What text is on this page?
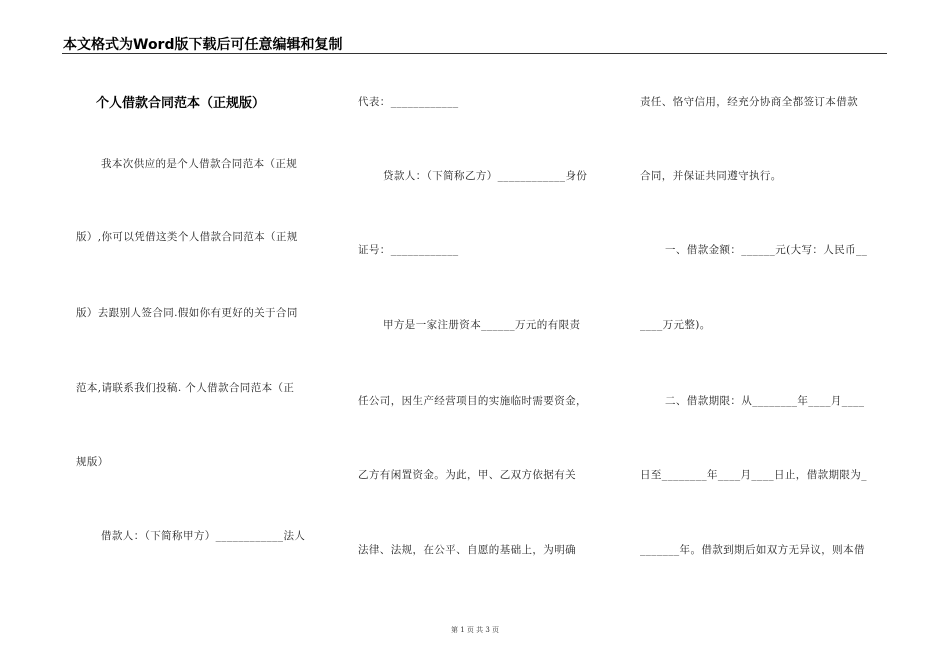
本文格式为Word版下载后可任意编辑和复制
个人借款合同范本（正规版）
我本次供应的是个人借款合同范本（正规
版）,你可以凭借这类个人借款合同范本（正规
版）去跟别人签合同.假如你有更好的关于合同
范本,请联系我们投稿. 个人借款合同范本（正
规版）
借款人：（下简称甲方）____________法人
代表：____________
贷款人：（下简称乙方）____________身份
证号：____________
甲方是一家注册资本______万元的有限责
任公司，因生产经营项目的实施临时需要资金，
乙方有闲置资金。为此，甲、乙双方依据有关
法律、法规，在公平、自愿的基础上，为明确
责任、恪守信用，经充分协商全都签订本借款
合同，并保证共同遵守执行。
一、借款金额：______元(大写：人民币__
____万元整)。
二、借款期限：从________年____月____
日至________年____月____日止，借款期限为_
_______年。借款到期后如双方无异议，则本借
第 1 页 共 3 页
